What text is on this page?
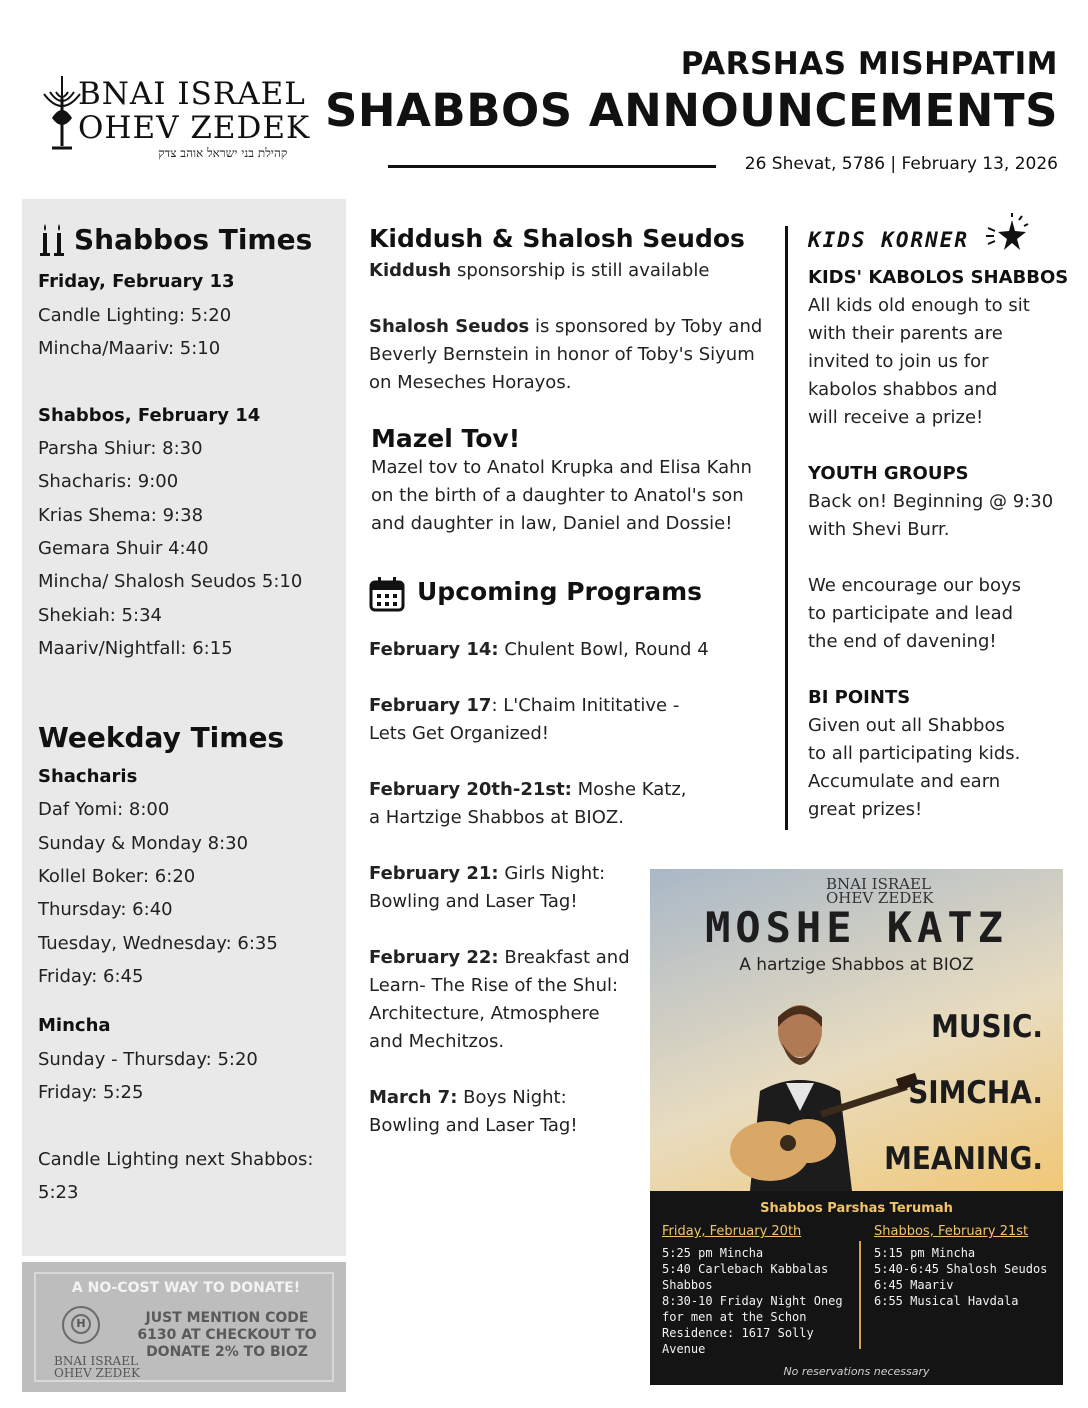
BNAI ISRAEL
OHEV ZEDEK
קהילת בני ישראל אוהב צדק
PARSHAS MISHPATIM
SHABBOS ANNOUNCEMENTS
26 Shevat, 5786 | February 13, 2026
Shabbos Times
Friday, February 13
Candle Lighting: 5:20
Mincha/Maariv: 5:10
Shabbos, February 14
Parsha Shiur: 8:30
Shacharis: 9:00
Krias Shema: 9:38
Gemara Shuir 4:40
Mincha/ Shalosh Seudos 5:10
Shekiah: 5:34
Maariv/Nightfall: 6:15
Weekday Times
Shacharis
Daf Yomi: 8:00
Sunday & Monday 8:30
Kollel Boker: 6:20
Thursday: 6:40
Tuesday, Wednesday: 6:35
Friday: 6:45
Mincha
Sunday - Thursday: 5:20
Friday: 5:25
Candle Lighting next Shabbos:
5:23
A NO-COST WAY TO DONATE!
H	JUST MENTION CODE
6130 AT CHECKOUT TO
DONATE 2% TO BIOZ
BNAI ISRAEL
OHEV ZEDEK
Kiddush & Shalosh Seudos
Kiddush sponsorship is still available
Shalosh Seudos is sponsored by Toby and
Beverly Bernstein in honor of Toby's Siyum
on Meseches Horayos.
Mazel Tov!
Mazel tov to Anatol Krupka and Elisa Kahn
on the birth of a daughter to Anatol's son
and daughter in law, Daniel and Dossie!
Upcoming Programs
February 14: Chulent Bowl, Round 4
February 17: L'Chaim Inititative -
Lets Get Organized!
February 20th-21st: Moshe Katz,
a Hartzige Shabbos at BIOZ.
February 21: Girls Night:
Bowling and Laser Tag!
February 22: Breakfast and
Learn- The Rise of the Shul:
Architecture, Atmosphere
and Mechitzos.
March 7: Boys Night:
Bowling and Laser Tag!
KIDS KORNER
KIDS' KABOLOS SHABBOS
All kids old enough to sit
with their parents are
invited to join us for
kabolos shabbos and
will receive a prize!
YOUTH GROUPS
Back on! Beginning @ 9:30
with Shevi Burr.
We encourage our boys
to participate and lead
the end of davening!
BI POINTS
Given out all Shabbos
to all participating kids.
Accumulate and earn
great prizes!
BNAI ISRAEL
OHEV ZEDEK
MOSHE KATZ
A hartzige Shabbos at BIOZ
MUSIC.
SIMCHA.
MEANING.
Shabbos Parshas Terumah
Friday, February 20th
5:25 pm Mincha
5:40 Carlebach Kabbalas
Shabbos
8:30-10 Friday Night Oneg
for men at the Schon
Residence: 1617 Solly
Avenue
Shabbos, February 21st
5:15 pm Mincha
5:40-6:45 Shalosh Seudos
6:45 Maariv
6:55 Musical Havdala
No reservations necessary
